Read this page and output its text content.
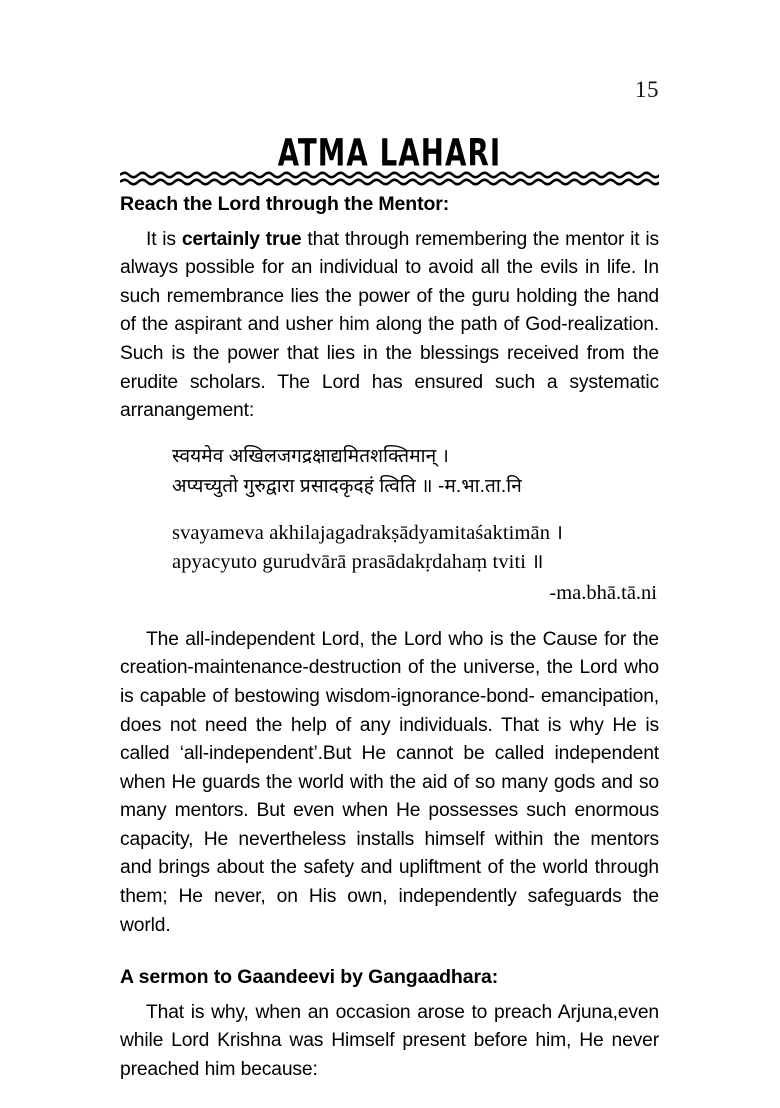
15
ATMA LAHARI
Reach the Lord through the Mentor:

It is certainly true that through remembering the mentor it is always possible for an individual to avoid all the evils in life. In such remembrance lies the power of the guru holding the hand of the aspirant and usher him along the path of God-realization. Such is the power that lies in the blessings received from the erudite scholars. The Lord has ensured such a systematic arranangement:

स्वयमेव अखिलजगद्रक्षाद्यमितशक्तिमान् ।
अप्यच्युतो गुरुद्वारा प्रसादकृदहं त्विति ॥ -म.भा.ता.नि
svayameva akhilajagadrakṣādyamitaśaktimān ।
apyacyuto gurudvārā prasādakṛdahaṃ tviti ॥
-ma.bhā.tā.ni

The all-independent Lord, the Lord who is the Cause for the creation-maintenance-destruction of the universe, the Lord who is capable of bestowing wisdom-ignorance-bond- emancipation, does not need the help of any individuals. That is why He is called ‘all-independent’.But He cannot be called independent when He guards the world with the aid of so many gods and so many mentors. But even when He possesses such enormous capacity, He nevertheless installs himself within the mentors and brings about the safety and upliftment of the world through them; He never, on His own, independently safeguards the world.

A sermon to Gaandeevi by Gangaadhara:

That is why, when an occasion arose to preach Arjuna,even while Lord Krishna was Himself present before him, He never preached him because:
